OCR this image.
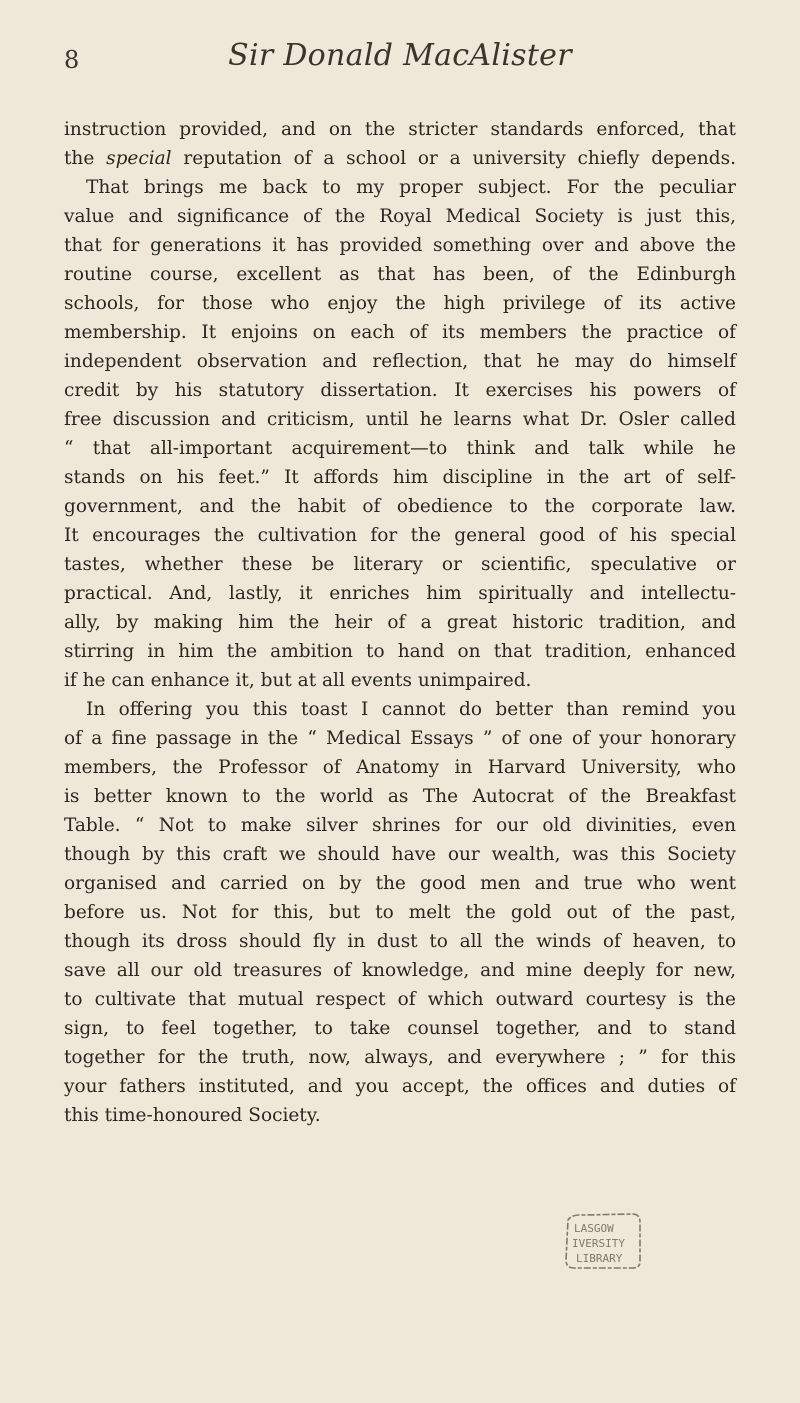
8	Sir Donald MacAlister
instruction provided, and on the stricter standards enforced, that
the special reputation of a school or a university chiefly depends.
That brings me back to my proper subject. For the peculiar
value and significance of the Royal Medical Society is just this,
that for generations it has provided something over and above the
routine course, excellent as that has been, of the Edinburgh
schools, for those who enjoy the high privilege of its active
membership. It enjoins on each of its members the practice of
independent observation and reflection, that he may do himself
credit by his statutory dissertation. It exercises his powers of
free discussion and criticism, until he learns what Dr. Osler called
“ that all-important acquirement—to think and talk while he
stands on his feet.” It affords him discipline in the art of self-
government, and the habit of obedience to the corporate law.
It encourages the cultivation for the general good of his special
tastes, whether these be literary or scientific, speculative or
practical. And, lastly, it enriches him spiritually and intellectu-
ally, by making him the heir of a great historic tradition, and
stirring in him the ambition to hand on that tradition, enhanced
if he can enhance it, but at all events unimpaired.
In offering you this toast I cannot do better than remind you
of a fine passage in the “ Medical Essays ” of one of your honorary
members, the Professor of Anatomy in Harvard University, who
is better known to the world as The Autocrat of the Breakfast
Table. “ Not to make silver shrines for our old divinities, even
though by this craft we should have our wealth, was this Society
organised and carried on by the good men and true who went
before us. Not for this, but to melt the gold out of the past,
though its dross should fly in dust to all the winds of heaven, to
save all our old treasures of knowledge, and mine deeply for new,
to cultivate that mutual respect of which outward courtesy is the
sign, to feel together, to take counsel together, and to stand
together for the truth, now, always, and everywhere ; ” for this
your fathers instituted, and you accept, the offices and duties of
this time-honoured Society.
LASGOW
IVERSITY
LIBRARY
